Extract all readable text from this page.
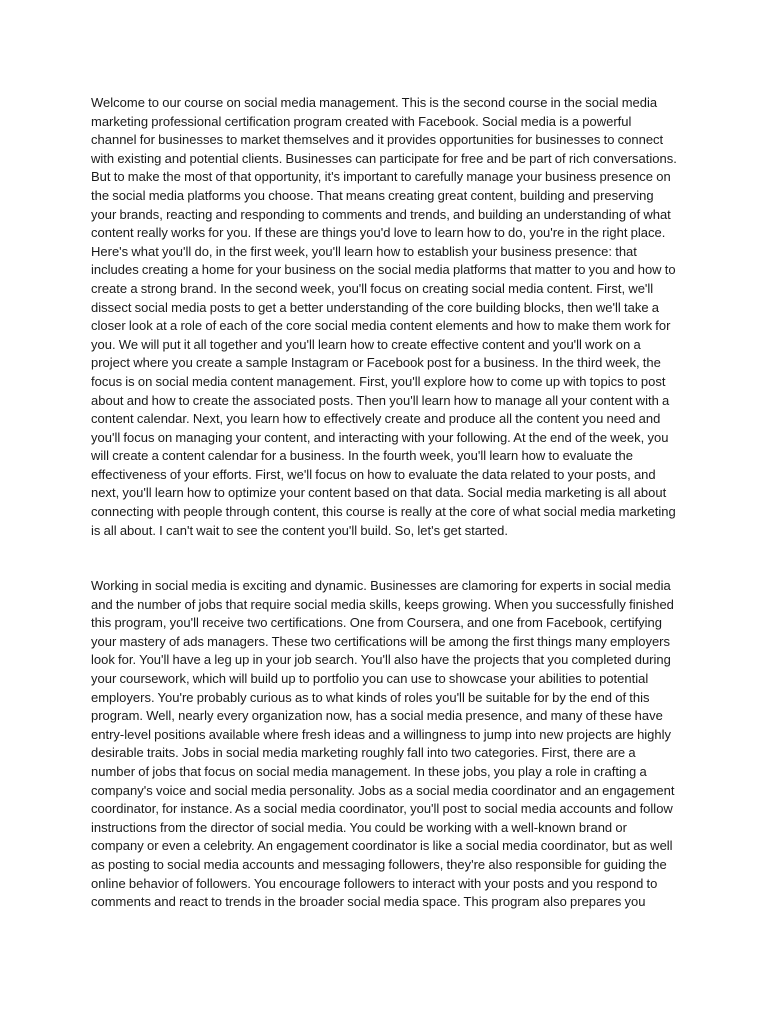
Welcome to our course on social media management. This is the second course in the social media marketing professional certification program created with Facebook. Social media is a powerful channel for businesses to market themselves and it provides opportunities for businesses to connect with existing and potential clients. Businesses can participate for free and be part of rich conversations. But to make the most of that opportunity, it's important to carefully manage your business presence on the social media platforms you choose. That means creating great content, building and preserving your brands, reacting and responding to comments and trends, and building an understanding of what content really works for you. If these are things you'd love to learn how to do, you're in the right place. Here's what you'll do, in the first week, you'll learn how to establish your business presence: that includes creating a home for your business on the social media platforms that matter to you and how to create a strong brand. In the second week, you'll focus on creating social media content. First, we'll dissect social media posts to get a better understanding of the core building blocks, then we'll take a closer look at a role of each of the core social media content elements and how to make them work for you. We will put it all together and you'll learn how to create effective content and you'll work on a project where you create a sample Instagram or Facebook post for a business. In the third week, the focus is on social media content management. First, you'll explore how to come up with topics to post about and how to create the associated posts. Then you'll learn how to manage all your content with a content calendar. Next, you learn how to effectively create and produce all the content you need and you'll focus on managing your content, and interacting with your following. At the end of the week, you will create a content calendar for a business. In the fourth week, you'll learn how to evaluate the effectiveness of your efforts. First, we'll focus on how to evaluate the data related to your posts, and next, you'll learn how to optimize your content based on that data. Social media marketing is all about connecting with people through content, this course is really at the core of what social media marketing is all about. I can't wait to see the content you'll build. So, let's get started.

Working in social media is exciting and dynamic. Businesses are clamoring for experts in social media and the number of jobs that require social media skills, keeps growing. When you successfully finished this program, you'll receive two certifications. One from Coursera, and one from Facebook, certifying your mastery of ads managers. These two certifications will be among the first things many employers look for. You'll have a leg up in your job search. You'll also have the projects that you completed during your coursework, which will build up to portfolio you can use to showcase your abilities to potential employers. You're probably curious as to what kinds of roles you'll be suitable for by the end of this program. Well, nearly every organization now, has a social media presence, and many of these have entry-level positions available where fresh ideas and a willingness to jump into new projects are highly desirable traits. Jobs in social media marketing roughly fall into two categories. First, there are a number of jobs that focus on social media management. In these jobs, you play a role in crafting a company's voice and social media personality. Jobs as a social media coordinator and an engagement coordinator, for instance. As a social media coordinator, you'll post to social media accounts and follow instructions from the director of social media. You could be working with a well-known brand or company or even a celebrity. An engagement coordinator is like a social media coordinator, but as well as posting to social media accounts and messaging followers, they're also responsible for guiding the online behavior of followers. You encourage followers to interact with your posts and you respond to comments and react to trends in the broader social media space. This program also prepares you
